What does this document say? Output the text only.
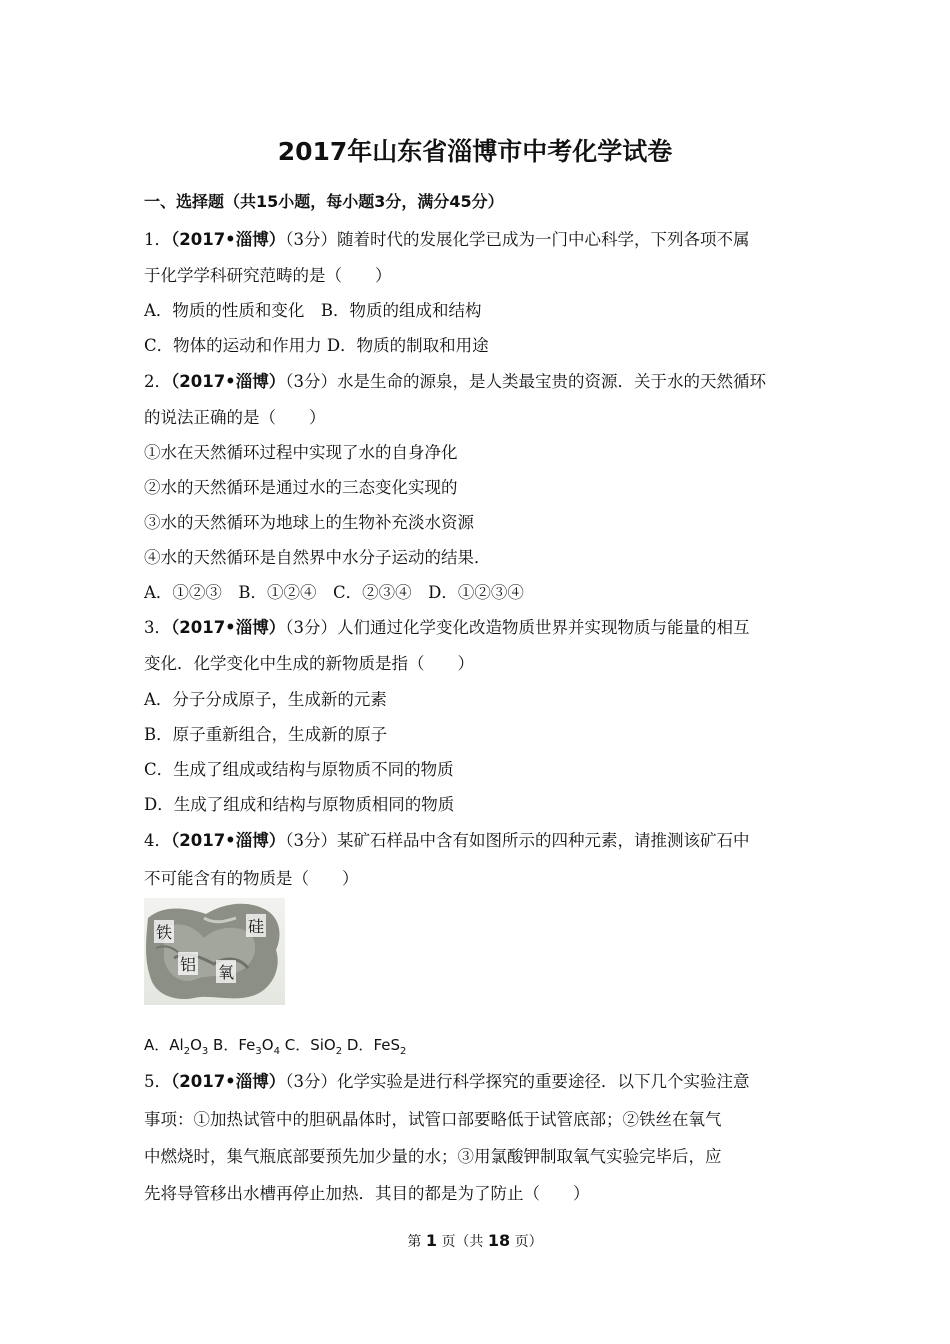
2017年山东省淄博市中考化学试卷
一、选择题（共15小题，每小题3分，满分45分）
1．（2017•淄博）（3分）随着时代的发展化学已成为一门中心科学，下列各项不属
于化学学科研究范畴的是（　　）
A．物质的性质和变化　B．物质的组成和结构
C．物体的运动和作用力 D．物质的制取和用途
2．（2017•淄博）（3分）水是生命的源泉，是人类最宝贵的资源．关于水的天然循环
的说法正确的是（　　）
①水在天然循环过程中实现了水的自身净化
②水的天然循环是通过水的三态变化实现的
③水的天然循环为地球上的生物补充淡水资源
④水的天然循环是自然界中水分子运动的结果．
A．①②③　B．①②④　C．②③④　D．①②③④
3．（2017•淄博）（3分）人们通过化学变化改造物质世界并实现物质与能量的相互
变化．化学变化中生成的新物质是指（　　）
A．分子分成原子，生成新的元素
B．原子重新组合，生成新的原子
C．生成了组成或结构与原物质不同的物质
D．生成了组成和结构与原物质相同的物质
4．（2017•淄博）（3分）某矿石样品中含有如图所示的四种元素，请推测该矿石中
不可能含有的物质是（　　）
铁	硅
铝 氧
A．$Al_2O_3$ B．$Fe_3O_4$ C．SiO$_2$ D．FeS$_2$
5．（2017•淄博）（3分）化学实验是进行科学探究的重要途径．以下几个实验注意
事项：①加热试管中的胆矾晶体时，试管口部要略低于试管底部；②铁丝在氧气
中燃烧时，集气瓶底部要预先加少量的水；③用氯酸钾制取氧气实验完毕后，应
先将导管移出水槽再停止加热．其目的都是为了防止（　　）
第 1 页（共 18 页）
